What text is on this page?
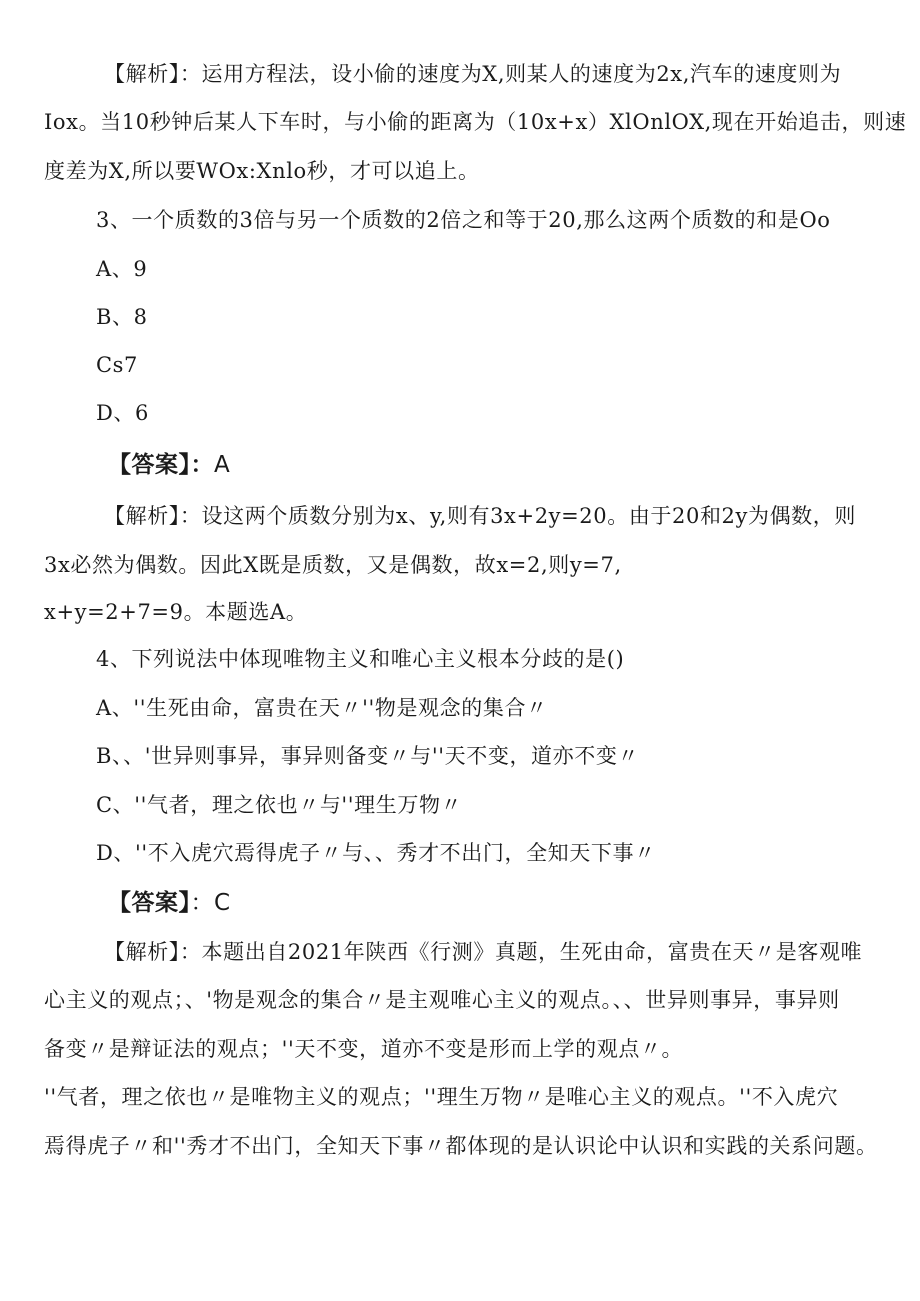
【解析】：运用方程法，设小偷的速度为X,则某人的速度为2x,汽车的速度则为
Iox。当10秒钟后某人下车时，与小偷的距离为（10x+x）XlOnlOX,现在开始追击，则速
度差为X,所以要WOx:Xnlo秒，才可以追上。
3、一个质数的3倍与另一个质数的2倍之和等于20,那么这两个质数的和是Oo
A、9
B、8
Cs7
D、6
【答案】：A
【解析】：设这两个质数分别为x、y,则有3x+2y=20。由于20和2y为偶数，则
3x必然为偶数。因此X既是质数，又是偶数，故x=2,则y=7,
x+y=2+7=9。本题选A。
4、下列说法中体现唯物主义和唯心主义根本分歧的是()
A、''生死由命，富贵在天〃''物是观念的集合〃
B、、'世异则事异，事异则备变〃与''天不变，道亦不变〃
C、''气者，理之依也〃与''理生万物〃
D、''不入虎穴焉得虎子〃与、、秀才不出门，全知天下事〃
【答案】：C
【解析】：本题出自2021年陕西《行测》真题，生死由命，富贵在天〃是客观唯
心主义的观点；、'物是观念的集合〃是主观唯心主义的观点。、、世异则事异，事异则
备变〃是辩证法的观点；''天不变，道亦不变是形而上学的观点〃。
''气者，理之依也〃是唯物主义的观点；''理生万物〃是唯心主义的观点。''不入虎穴
焉得虎子〃和''秀才不出门，全知天下事〃都体现的是认识论中认识和实践的关系问题。
